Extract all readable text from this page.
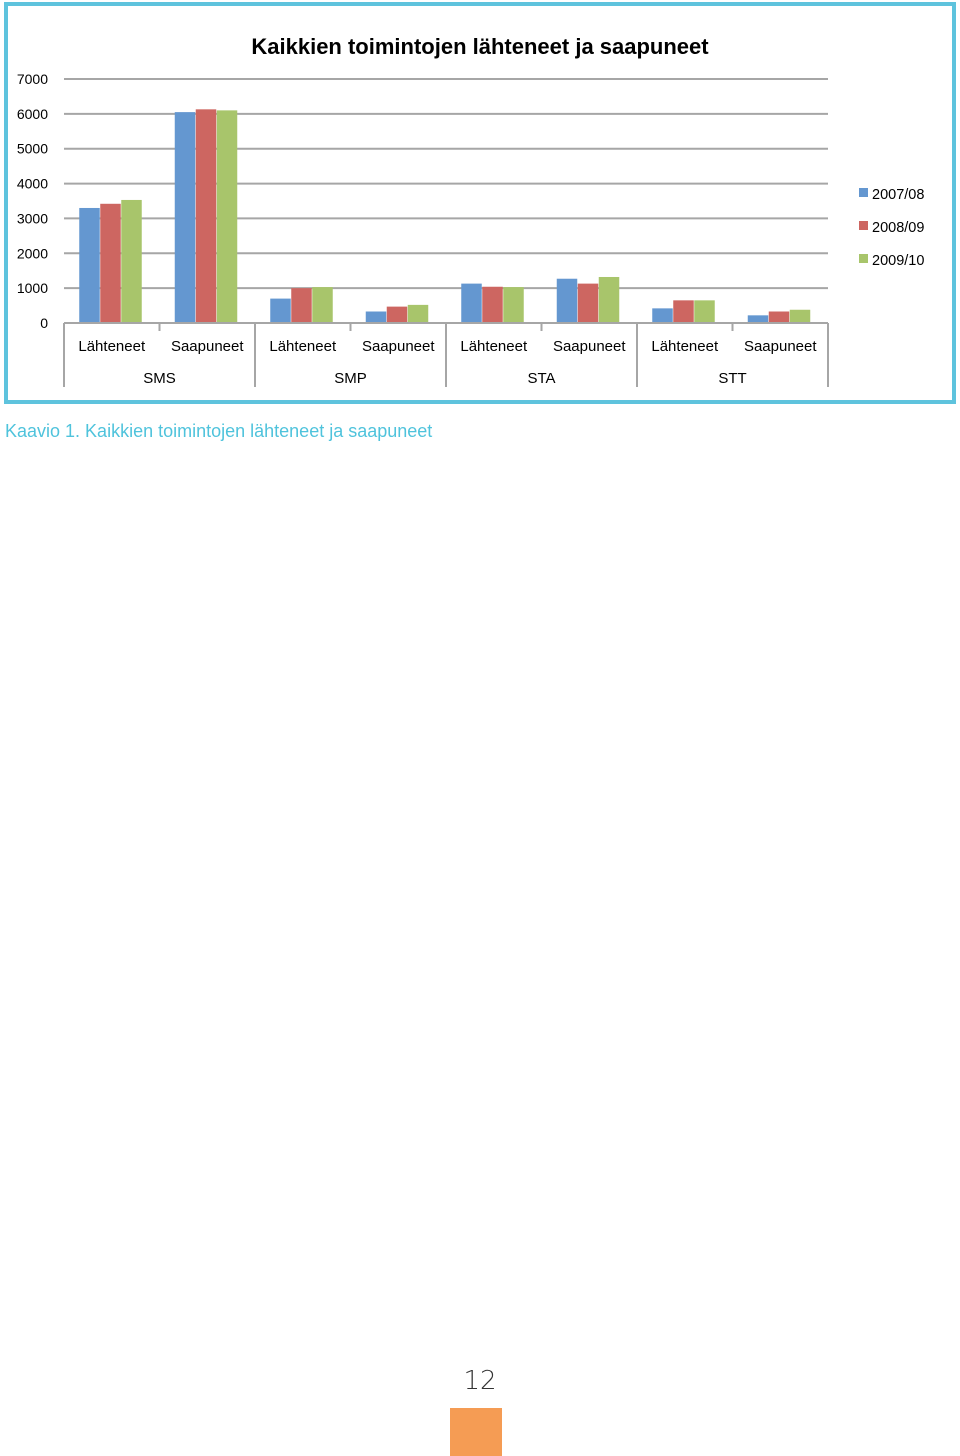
Kaikkien toimintojen lähteneet ja saapuneet
0
1000
2000
3000
4000
5000
6000
7000
Lähteneet Saapuneet Lähteneet Saapuneet Lähteneet Saapuneet Lähteneet Saapuneet
SMS	SMP	STA	STT
2007/08
2008/09
2009/10
Kaavio 1. Kaikkien toimintojen lähteneet ja saapuneet
12
